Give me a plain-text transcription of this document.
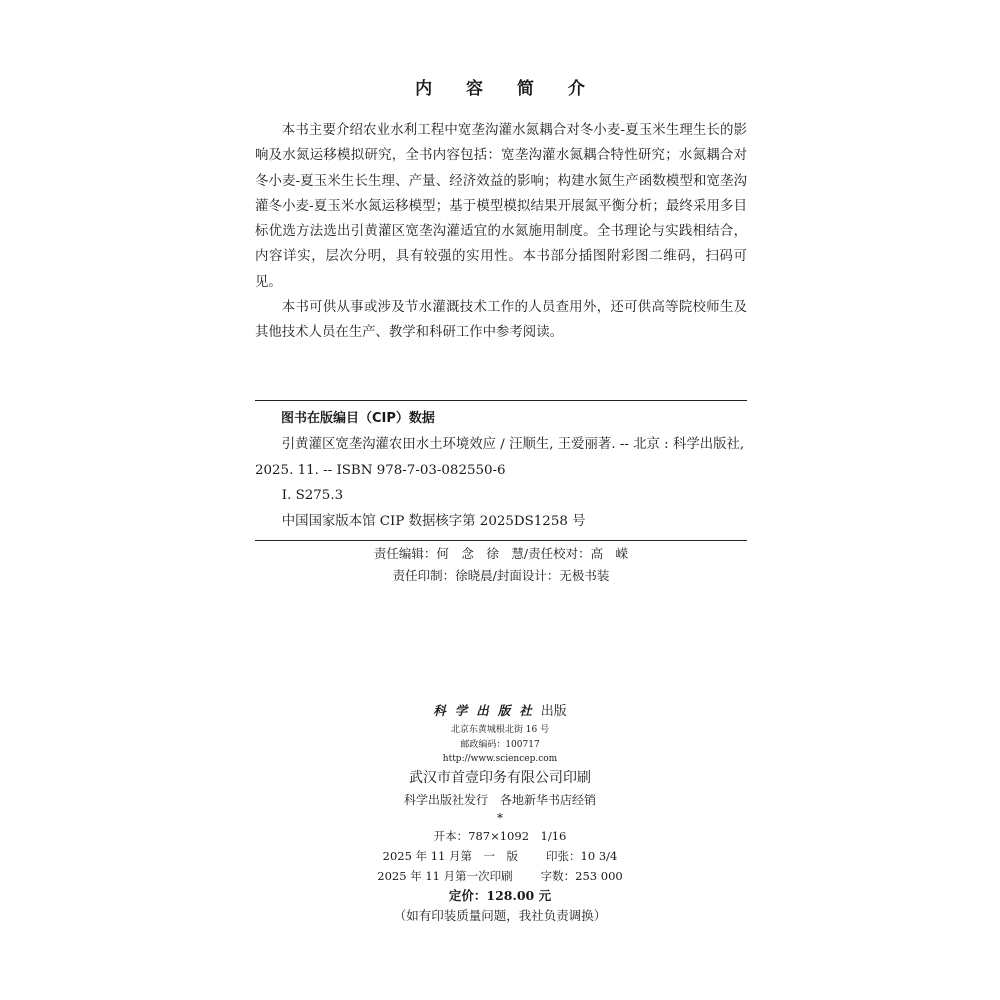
内 容 简 介

本书主要介绍农业水利工程中宽垄沟灌水氮耦合对冬小麦-夏玉米生理生长的影响及水氮运移模拟研究，全书内容包括：宽垄沟灌水氮耦合特性研究；水氮耦合对冬小麦-夏玉米生长生理、产量、经济效益的影响；构建水氮生产函数模型和宽垄沟灌冬小麦-夏玉米水氮运移模型；基于模型模拟结果开展氮平衡分析；最终采用多目标优选方法选出引黄灌区宽垄沟灌适宜的水氮施用制度。全书理论与实践相结合，内容详实，层次分明，具有较强的实用性。本书部分插图附彩图二维码，扫码可见。

本书可供从事或涉及节水灌溉技术工作的人员查用外，还可供高等院校师生及其他技术人员在生产、教学和科研工作中参考阅读。

图书在版编目（CIP）数据

引黄灌区宽垄沟灌农田水土环境效应 / 汪顺生, 王爱丽著. -- 北京 : 科学出版社, 2025. 11. -- ISBN 978-7-03-082550-6

I. S275.3

中国国家版本馆 CIP 数据核字第 2025DS1258 号

责任编辑：何　念　徐　慧/责任校对：高　嵘
责任印制：徐晓晨/封面设计：无极书装
科学出版社出版
北京东黄城根北街 16 号
邮政编码：100717
http://www.sciencep.com
武汉市首壹印务有限公司印刷
科学出版社发行　各地新华书店经销
*
开本：787×1092　1/16
2025 年 11 月第　一　版 印张：10 3/4
2025 年 11 月第一次印刷 字数：253 000
定价：128.00 元
（如有印装质量问题，我社负责调换）
